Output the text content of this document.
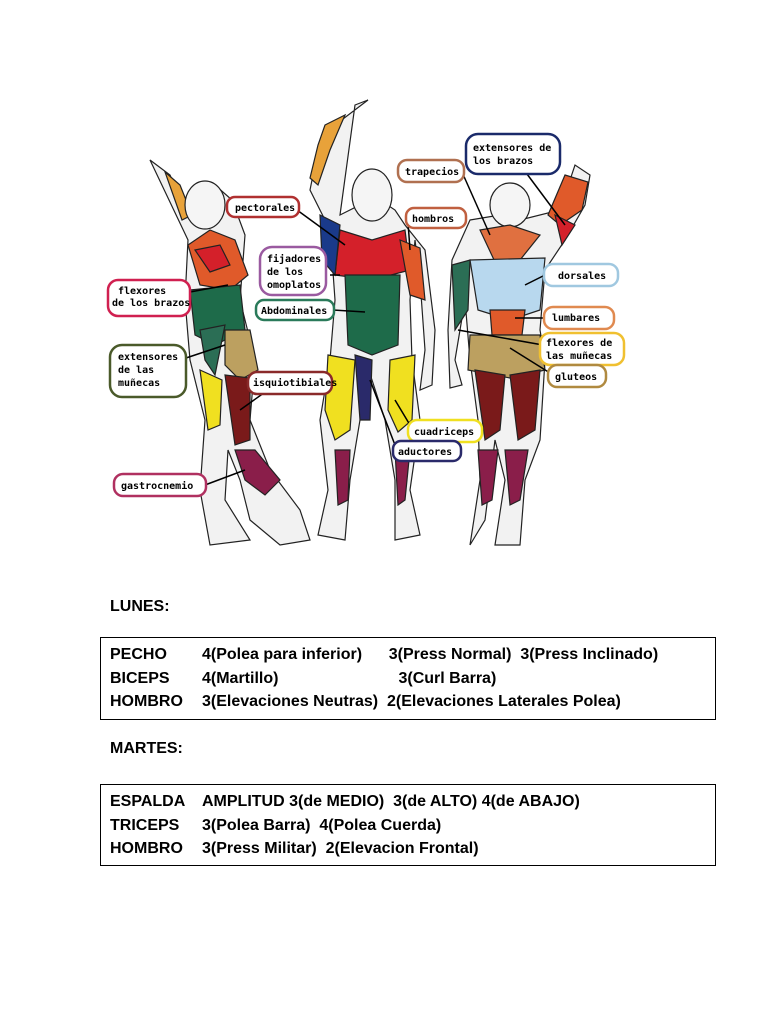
pectorales
trapecios
extensores de
los brazos
hombros
fijadores
de los
omoplatos
flexores
de los brazos
Abdominales
dorsales
lumbares
flexores de
las muñecas
gluteos
extensores
de las
muñecas	isquiotibiales
cuadriceps
aductores
gastrocnemio
LUNES:
PECHO	4(Polea para inferior)      3(Press Normal)  3(Press Inclinado)
BICEPS	4(Martillo)                           3(Curl Barra)
HOMBRO	3(Elevaciones Neutras)  2(Elevaciones Laterales Polea)
MARTES:
ESPALDA	AMPLITUD 3(de MEDIO)  3(de ALTO) 4(de ABAJO)
TRICEPS	3(Polea Barra)  4(Polea Cuerda)
HOMBRO	3(Press Militar)  2(Elevacion Frontal)
